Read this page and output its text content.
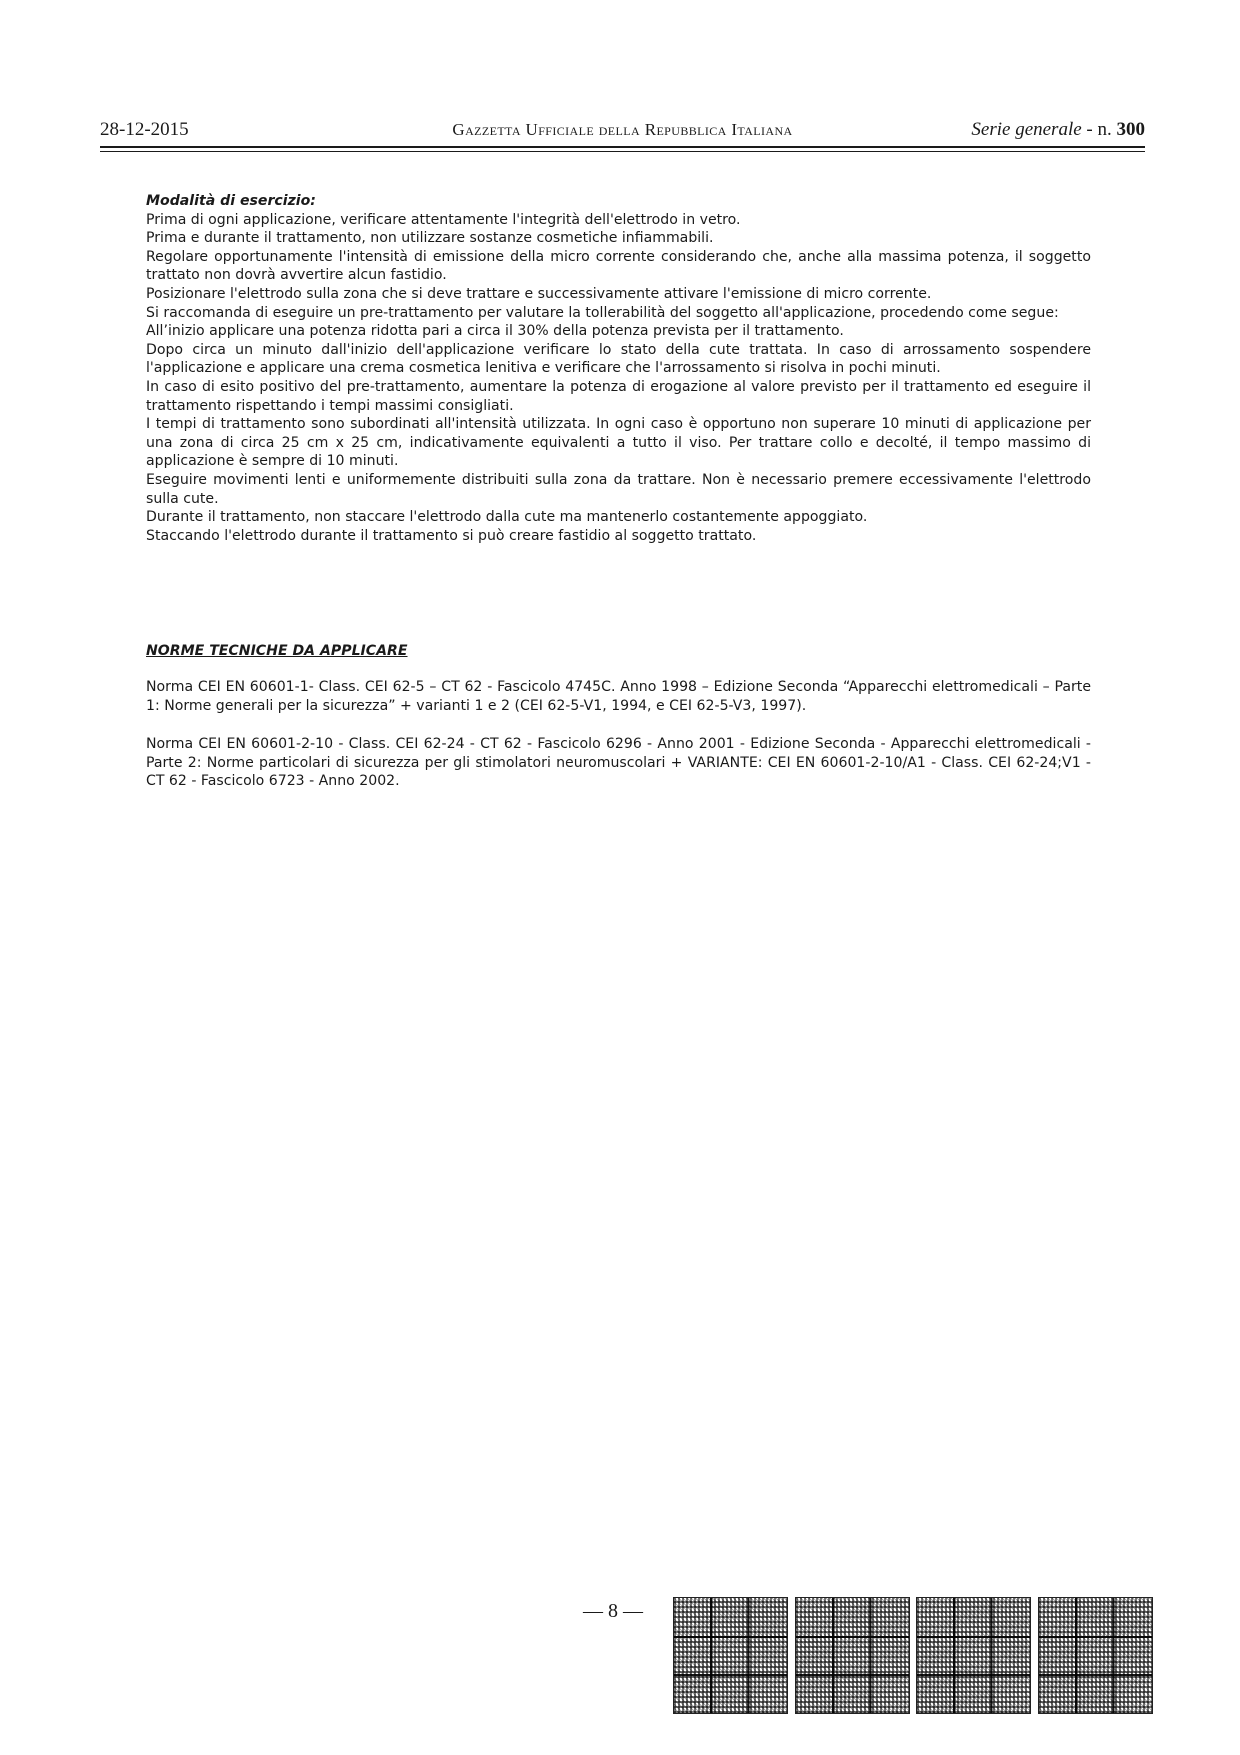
28-12-2015	Gazzetta Ufficiale della Repubblica Italiana	Serie generale - n. 300

Modalità di esercizio:

Prima di ogni applicazione, verificare attentamente l'integrità dell'elettrodo in vetro.

Prima e durante il trattamento, non utilizzare sostanze cosmetiche infiammabili.

Regolare opportunamente l'intensità di emissione della micro corrente considerando che, anche alla massima potenza, il soggetto trattato non dovrà avvertire alcun fastidio.

Posizionare l'elettrodo sulla zona che si deve trattare e successivamente attivare l'emissione di micro corrente.

Si raccomanda di eseguire un pre-trattamento per valutare la tollerabilità del soggetto all'applicazione, procedendo come segue:

All’inizio applicare una potenza ridotta pari a circa il 30% della potenza prevista per il trattamento.

Dopo circa un minuto dall'inizio dell'applicazione verificare lo stato della cute trattata. In caso di arrossamento sospendere l'applicazione e applicare una crema cosmetica lenitiva e verificare che l'arrossamento si risolva in pochi minuti.

In caso di esito positivo del pre-trattamento, aumentare la potenza di erogazione al valore previsto per il trattamento ed eseguire il trattamento rispettando i tempi massimi consigliati.

I tempi di trattamento sono subordinati all'intensità utilizzata. In ogni caso è opportuno non superare 10 minuti di applicazione per una zona di circa 25 cm x 25 cm, indicativamente equivalenti a tutto il viso. Per trattare collo e decolté, il tempo massimo di applicazione è sempre di 10 minuti.

Eseguire movimenti lenti e uniformemente distribuiti sulla zona da trattare. Non è necessario premere eccessivamente l'elettrodo sulla cute.

Durante il trattamento, non staccare l'elettrodo dalla cute ma mantenerlo costantemente appoggiato.

Staccando l'elettrodo durante il trattamento si può creare fastidio al soggetto trattato.

NORME TECNICHE DA APPLICARE

Norma CEI EN 60601-1- Class. CEI 62-5 – CT 62 - Fascicolo 4745C. Anno 1998 – Edizione Seconda “Apparecchi elettromedicali – Parte 1: Norme generali per la sicurezza” + varianti 1 e 2 (CEI 62-5-V1, 1994, e CEI 62-5-V3, 1997).

Norma CEI EN 60601-2-10 - Class. CEI 62-24 - CT 62 - Fascicolo 6296 - Anno 2001 - Edizione Seconda - Apparecchi elettromedicali - Parte 2: Norme particolari di sicurezza per gli stimolatori neuromuscolari + VARIANTE: CEI EN 60601-2-10/A1 - Class. CEI 62-24;V1 - CT 62 - Fascicolo 6723 - Anno 2002.

— 8 —
